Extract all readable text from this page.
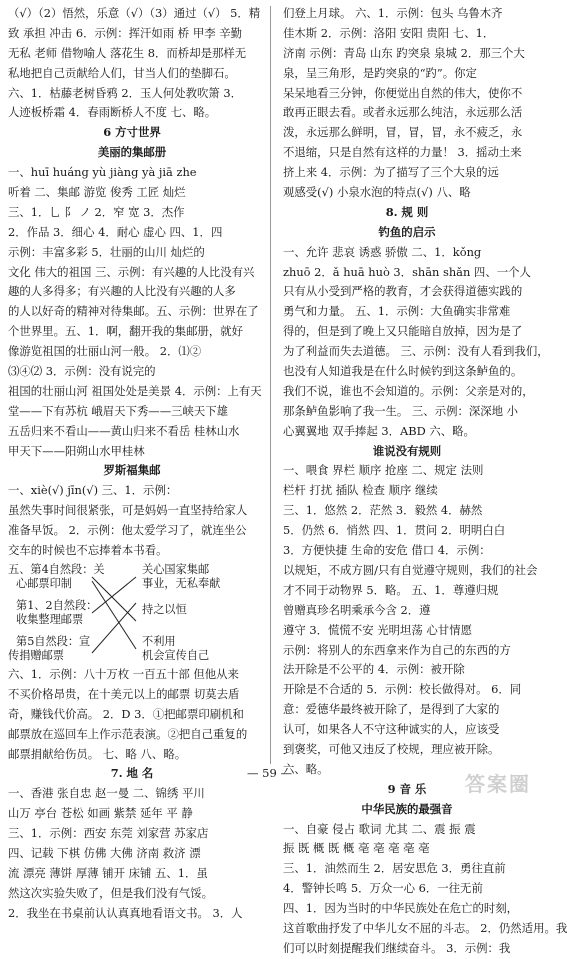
（√）（2）悟然，乐意（√）（3）通过（√） 5．精
致 承担 冲击 6．示例：挥汗如雨 桥 甲李 辛勤
无私 老师 借物喻人 落花生 8．而桥却是那样无
私地把自己贡献给人们，甘当人们的垫脚石。
六、1．枯藤老树昏鸦 2．玉人何处教吹箫 3．
人迹板桥霜 4．春雨断桥人不度 七、略。
6 方寸世界
美丽的集邮册
一、huī huáng yù jiàng yà jiā zhe
听着 二、集邮 游览 俊秀 工匠 灿烂
三、1．乚 阝 ノ 2．窄 宽 3．杰作
2．作品 3．细心 4．耐心 虚心 四、1．四
示例：丰富多彩 5．壮丽的山川 灿烂的
文化 伟大的祖国 三、示例：有兴趣的人比没有兴
趣的人多得多；有兴趣的人比没有兴趣的人多
的人以好奇的精神对待集邮。五、示例：世界在了
个世界里。五、1．啊，翻开我的集邮册，就好
像游览祖国的壮丽山河一般。 2．⑴②
⑶④⑵ 3．示例：没有说完的
祖国的壮丽山河 祖国处处是美景 4．示例：上有天
堂——下有苏杭 峨眉天下秀——三峡天下雄
五岳归来不看山——黄山归来不看岳 桂林山水
甲天下——阳朔山水甲桂林
罗斯福集邮
一、xiè(√) jīn(√) 三、1．示例：
虽然失事时间很紧张，可是妈妈一直坚持给家人
准备早饭。 2．示例：他太爱学习了，就连坐公
交车的时候也不忘捧着本书看。
五、第4自然段：关
心邮票印制
第1、2自然段：
收集整理邮票
第5自然段：宣
传捐赠邮票
关心国家集邮
事业，无私奉献
持之以恒
不利用
机会宣传自己
六、1．示例：八十万枚 一百五十部 但他从来
不买价格昂贵，在十美元以上的邮票 切莫去盾
奇，赚钱代价高。 2．D 3．①把邮票印刷机和
邮票放在巡回车上作示范表演。②把自己重复的
邮票捐献给伤员。 七、略 八、略。
7. 地 名
一、香港 张自忠 赵一曼 二、锦绣 平川
山万 亭台 苍松 如画 紫禁 延年 平 静
三、1．示例：西安 东莞 刘家营 苏家店
四、记载 下棋 仿佛 大佛 济南 救济 漂
流 漂亮 薄饼 厚薄 铺开 床铺 五、1．虽
然这次实验失败了，但是我们没有气馁。
2．我坐在书桌前认认真真地看语文书。 3．人
们登上月球。 六、1．示例：包头 乌鲁木齐
佳木斯 2．示例：洛阳 安阳 贵阳 七、1．
济南 示例：青岛 山东 趵突泉 泉城 2．那三个大
泉，呈三角形，是趵突泉的“趵”。你定
呆呆地看三分钟，你便觉出自然的伟大，使你不
敢再正眼去看。或者永远那么纯洁，永远那么活
泼，永远那么鲜明，冒，冒，冒，永不疲乏，永
不退缩，只是自然有这样的力量！ 3．摇动土来
挤上来 4．示例：为了描写了三个大泉的远
观感受(√) 小泉水泡的特点(√) 八、略
8. 规 则
钓鱼的启示
一、允许 悲哀 诱惑 骄傲 二、1．kǒng
zhuō 2．ǎ huā huò 3．shān shǎn 四、一个人
只有从小受到严格的教育，才会获得道德实践的
勇气和力量。 五、1．示例：大鱼确实非常难
得的，但是到了晚上又只能暗自放掉，因为是了
为了利益而失去道德。 三、示例：没有人看到我们，
也没有人知道我是在什么时候钓到这条鲈鱼的。
我们不说，谁也不会知道的。示例：父亲是对的，
那条鲈鱼影响了我一生。 三、示例：深深地 小
心翼翼地 双手捧起 3．ABD 六、略。
谁说没有规则
一、喂食 界栏 顺序 抢座 二、规定 法则
栏杆 打扰 插队 检查 顺序 继续
三、1．悠然 2．茫然 3．毅然 4．赫然
5．仍然 6．悄然 四、1．贯问 2．明明白白
3．方便快捷 生命的安危 借口 4．示例：
以规矩，不成方圆/只有自觉遵守规则，我们的社会
才不同于动物界 5．略。 五、1．尊遵归规
曾赠真珍名明乘承今含 2．遵
遵守 3．慌慌不安 光明坦荡 心甘情愿
示例：将别人的东西拿来作为自己的东西的方
法开除是不公平的 4．示例：被开除
开除是不合适的 5．示例：校长做得对。 6．同
意：爱德华最终被开除了，是得到了大家的
认可，如果各人不守这种诚实的人，应该受
到褒奖，可他又违反了校规，理应被开除。
六、略。
9 音 乐
中华民族的最强音
一、自豪 侵占 歌词 尤其 二、震 振 震
振 既 概 既 概 亳 亳 亳 亳 亳
三、1．油然而生 2．居安思危 3．勇往直前
4．警钟长鸣 5．万众一心 6．一往无前
四、1．因为当时的中华民族处在危亡的时刻，
这首歌曲抒发了中华儿女不屈的斗志。 2．仍然适用。我
们可以时刻提醒我们继续奋斗。 3．示例：我
— 59 —	答案圈
